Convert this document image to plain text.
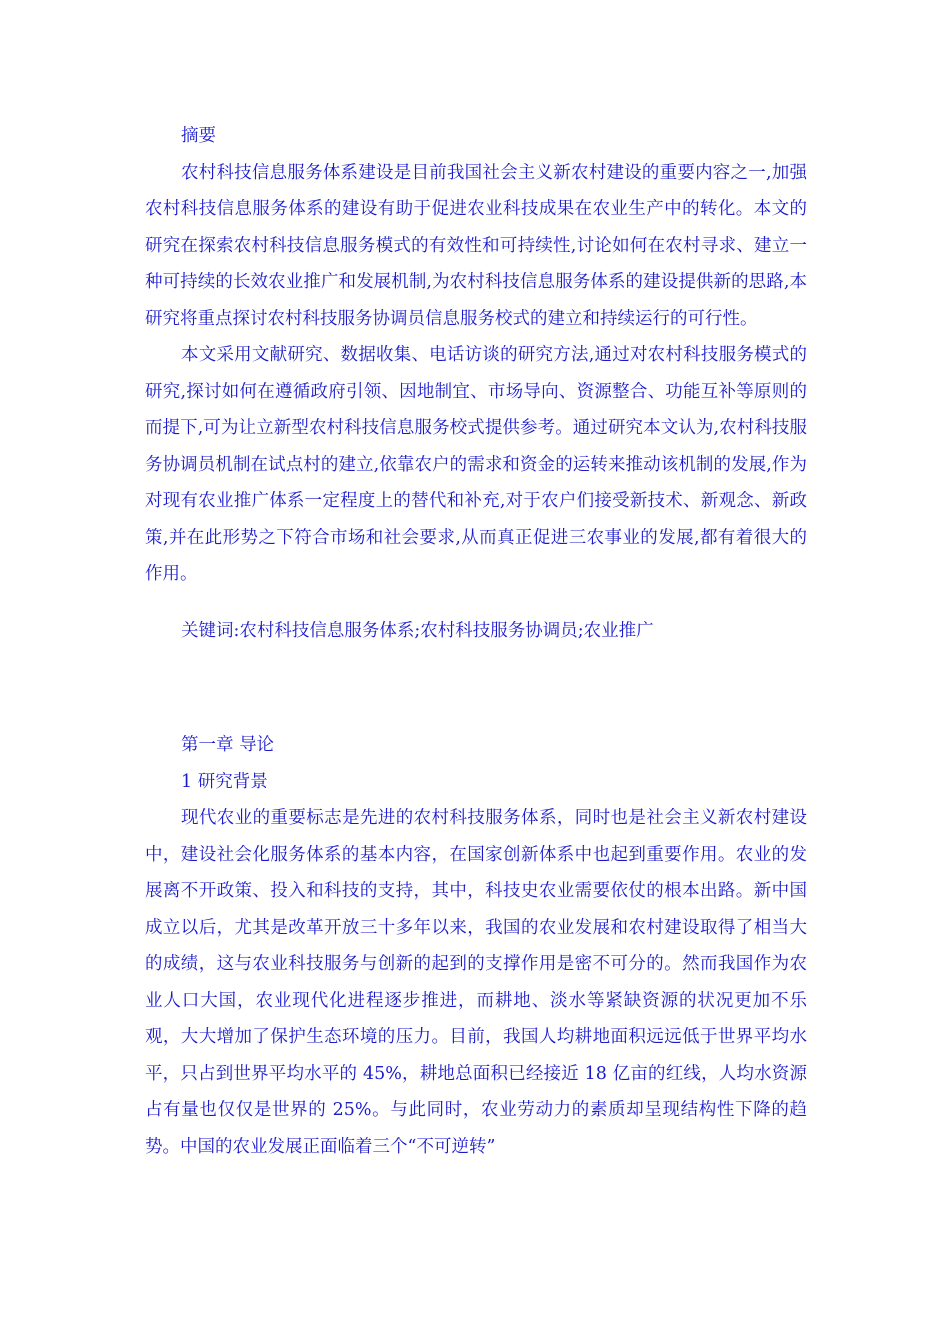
摘要

农村科技信息服务体系建设是目前我国社会主义新农村建设的重要内容之一,加强农村科技信息服务体系的建设有助于促进农业科技成果在农业生产中的转化。本文的研究在探索农村科技信息服务模式的有效性和可持续性,讨论如何在农村寻求、建立一种可持续的长效农业推广和发展机制,为农村科技信息服务体系的建设提供新的思路,本研究将重点探讨农村科技服务协调员信息服务校式的建立和持续运行的可行性。

本文采用文献研究、数据收集、电话访谈的研究方法,通过对农村科技服务模式的研究,探讨如何在遵循政府引领、因地制宜、市场导向、资源整合、功能互补等原则的而提下,可为让立新型农村科技信息服务校式提供参考。通过研究本文认为,农村科技服务协调员机制在试点村的建立,依靠农户的需求和资金的运转来推动该机制的发展,作为对现有农业推广体系一定程度上的替代和补充,对于农户们接受新技术、新观念、新政策,并在此形势之下符合市场和社会要求,从而真正促进三农事业的发展,都有着很大的作用。

关键词:农村科技信息服务体系;农村科技服务协调员;农业推广

第一章 导论

1 研究背景

现代农业的重要标志是先进的农村科技服务体系，同时也是社会主义新农村建设中，建设社会化服务体系的基本内容，在国家创新体系中也起到重要作用。农业的发展离不开政策、投入和科技的支持，其中，科技史农业需要依仗的根本出路。新中国成立以后，尤其是改革开放三十多年以来，我国的农业发展和农村建设取得了相当大的成绩，这与农业科技服务与创新的起到的支撑作用是密不可分的。然而我国作为农业人口大国，农业现代化进程逐步推进，而耕地、淡水等紧缺资源的状况更加不乐观，大大增加了保护生态环境的压力。目前，我国人均耕地面积远远低于世界平均水平，只占到世界平均水平的 45%，耕地总面积已经接近 18 亿亩的红线，人均水资源占有量也仅仅是世界的 25%。与此同时，农业劳动力的素质却呈现结构性下降的趋势。中国的农业发展正面临着三个“不可逆转”
